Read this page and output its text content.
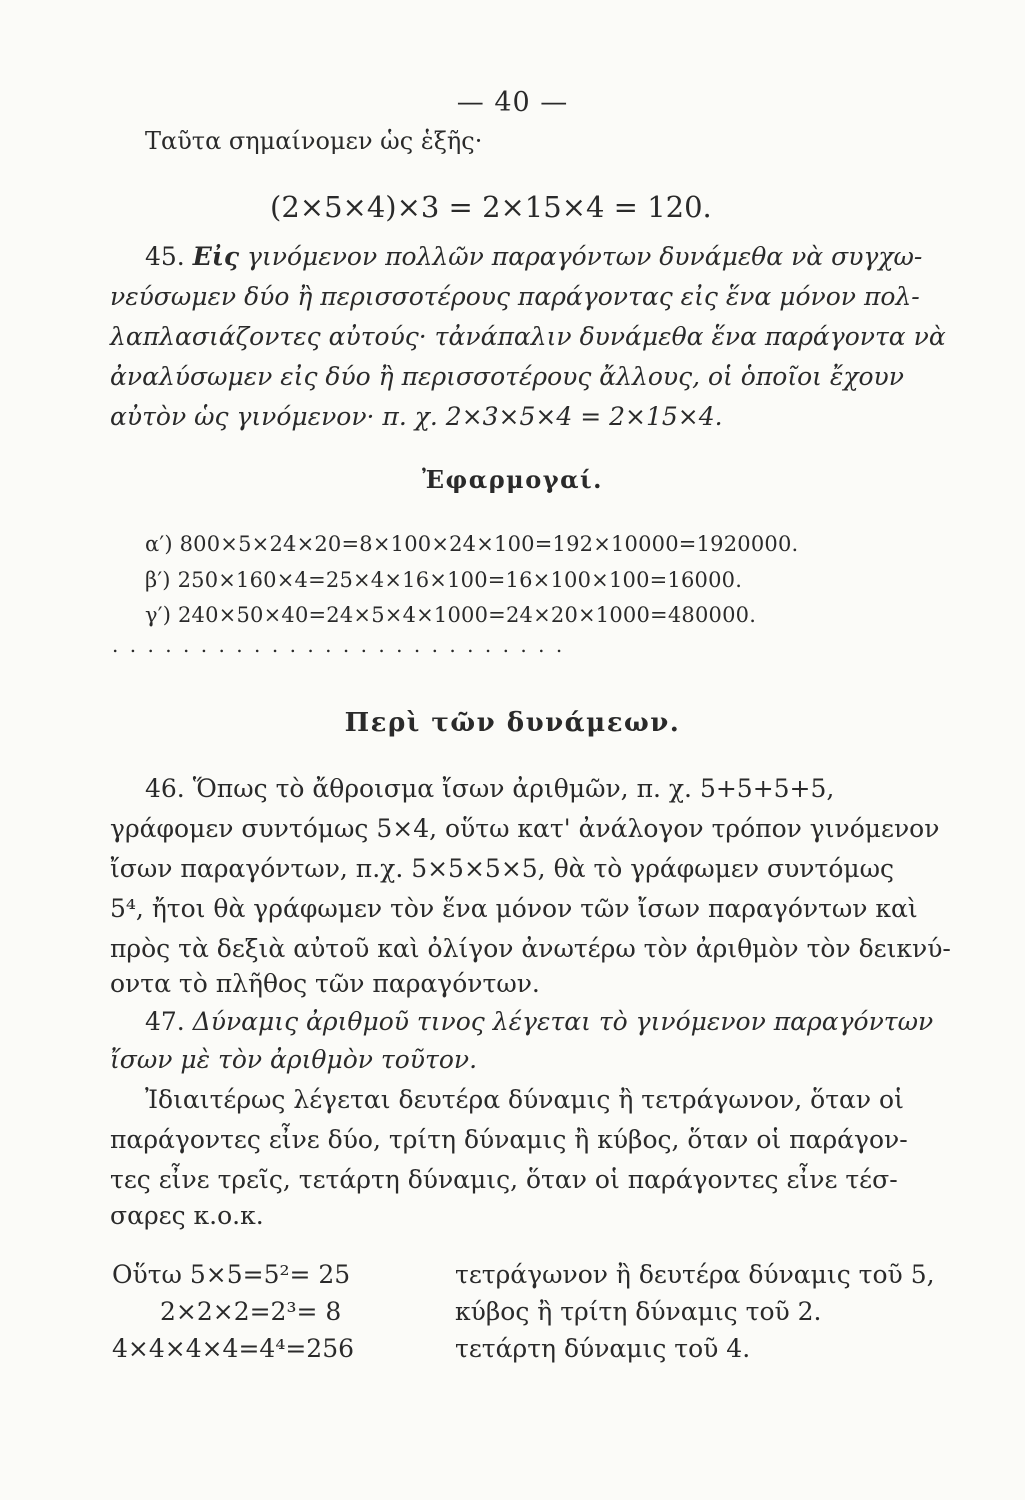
— 40 —
Ταῦτα σημαίνομεν ὡς ἑξῆς·
(2×5×4)×3 = 2×15×4 = 120.
45. Εἰς γινόμενον πολλῶν παραγόντων δυνάμεθα νὰ συγχω-
νεύσωμεν δύο ἢ περισσοτέρους παράγοντας εἰς ἕνα μόνον πολ-
λαπλασιάζοντες αὐτούς· τἀνάπαλιν δυνάμεθα ἕνα παράγοντα νὰ
ἀναλύσωμεν εἰς δύο ἢ περισσοτέρους ἄλλους, οἱ ὁποῖοι ἔχουν
αὐτὸν ὡς γινόμενον· π. χ. 2×3×5×4 = 2×15×4.
Ἐφαρμογαί.
α′) 800×5×24×20=8×100×24×100=192×10000=1920000.
β′) 250×160×4=25×4×16×100=16×100×100=16000.
γ′) 240×50×40=24×5×4×1000=24×20×1000=480000.
..........................
Περὶ τῶν δυνάμεων.
46. Ὅπως τὸ ἄθροισμα ἴσων ἀριθμῶν, π. χ. 5+5+5+5,
γράφομεν συντόμως 5×4, οὕτω κατ' ἀνάλογον τρόπον γινόμενον
ἴσων παραγόντων, π.χ. 5×5×5×5, θὰ τὸ γράφωμεν συντόμως
5⁴, ἤτοι θὰ γράφωμεν τὸν ἕνα μόνον τῶν ἴσων παραγόντων καὶ
πρὸς τὰ δεξιὰ αὐτοῦ καὶ ὀλίγον ἀνωτέρω τὸν ἀριθμὸν τὸν δεικνύ-
οντα τὸ πλῆθος τῶν παραγόντων.
47. Δύναμις ἀριθμοῦ τινος λέγεται τὸ γινόμενον παραγόντων
ἴσων μὲ τὸν ἀριθμὸν τοῦτον.
Ἰδιαιτέρως λέγεται δευτέρα δύναμις ἢ τετράγωνον, ὅταν οἱ
παράγοντες εἶνε δύο, τρίτη δύναμις ἢ κύβος, ὅταν οἱ παράγον-
τες εἶνε τρεῖς, τετάρτη δύναμις, ὅταν οἱ παράγοντες εἶνε τέσ-
σαρες κ.ο.κ.
Οὕτω 5×5=5²= 25	τετράγωνον ἢ δευτέρα δύναμις τοῦ 5,
2×2×2=2³= 8	κύβος ἢ τρίτη δύναμις τοῦ 2.
4×4×4×4=4⁴=256	τετάρτη δύναμις τοῦ 4.
